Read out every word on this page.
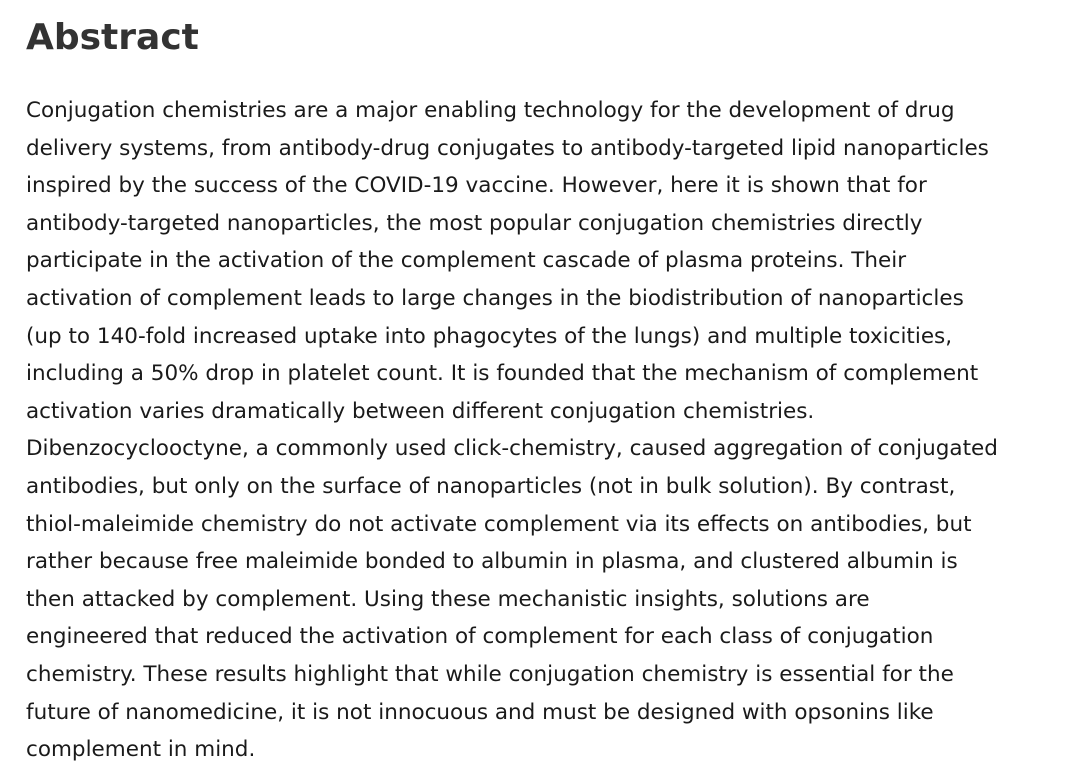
Abstract

Conjugation chemistries are a major enabling technology for the development of drug
delivery systems, from antibody-drug conjugates to antibody-targeted lipid nanoparticles
inspired by the success of the COVID-19 vaccine. However, here it is shown that for
antibody-targeted nanoparticles, the most popular conjugation chemistries directly
participate in the activation of the complement cascade of plasma proteins. Their
activation of complement leads to large changes in the biodistribution of nanoparticles
(up to 140-fold increased uptake into phagocytes of the lungs) and multiple toxicities,
including a 50% drop in platelet count. It is founded that the mechanism of complement
activation varies dramatically between different conjugation chemistries.
Dibenzocyclooctyne, a commonly used click-chemistry, caused aggregation of conjugated
antibodies, but only on the surface of nanoparticles (not in bulk solution). By contrast,
thiol-maleimide chemistry do not activate complement via its effects on antibodies, but
rather because free maleimide bonded to albumin in plasma, and clustered albumin is
then attacked by complement. Using these mechanistic insights, solutions are
engineered that reduced the activation of complement for each class of conjugation
chemistry. These results highlight that while conjugation chemistry is essential for the
future of nanomedicine, it is not innocuous and must be designed with opsonins like
complement in mind.
